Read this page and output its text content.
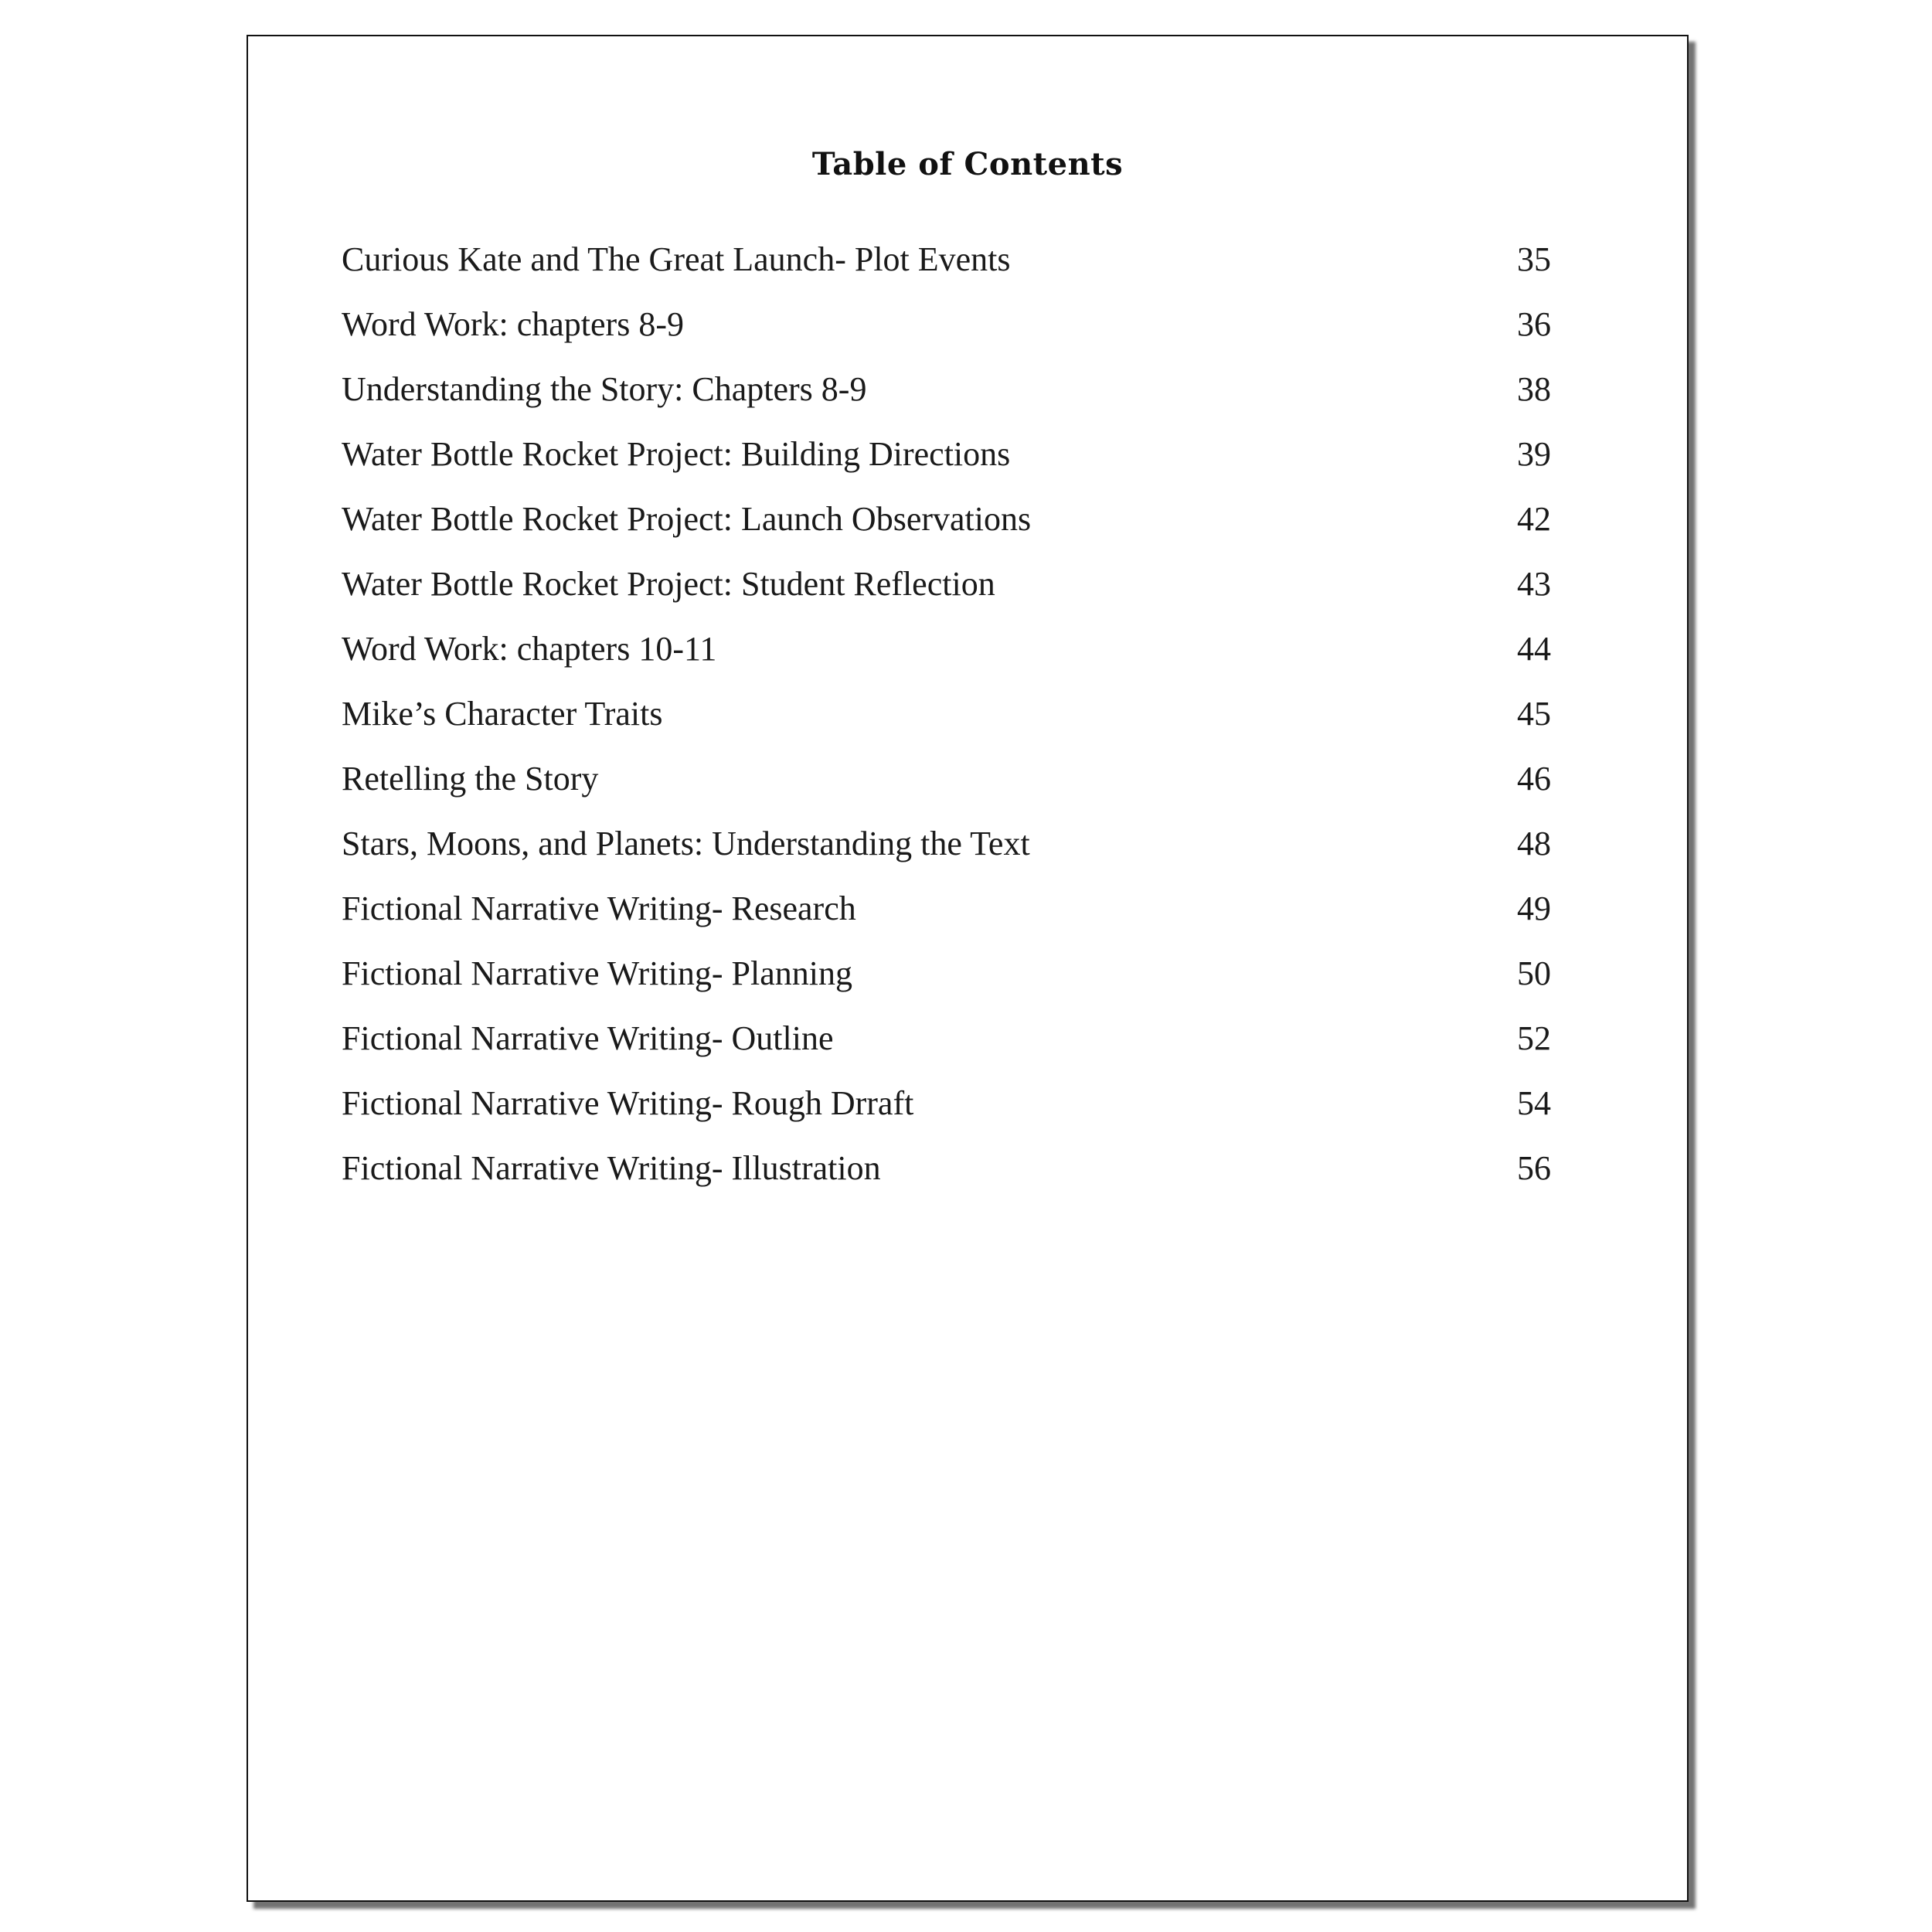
Table of Contents
Curious Kate and The Great Launch- Plot Events	35
Word Work: chapters 8-9	36
Understanding the Story: Chapters 8-9	38
Water Bottle Rocket Project: Building Directions	39
Water Bottle Rocket Project: Launch Observations	42
Water Bottle Rocket Project: Student Reflection	43
Word Work: chapters 10-11	44
Mike’s Character Traits	45
Retelling the Story	46
Stars, Moons, and Planets: Understanding the Text	48
Fictional Narrative Writing- Research	49
Fictional Narrative Writing- Planning	50
Fictional Narrative Writing- Outline	52
Fictional Narrative Writing- Rough Drraft	54
Fictional Narrative Writing- Illustration	56
